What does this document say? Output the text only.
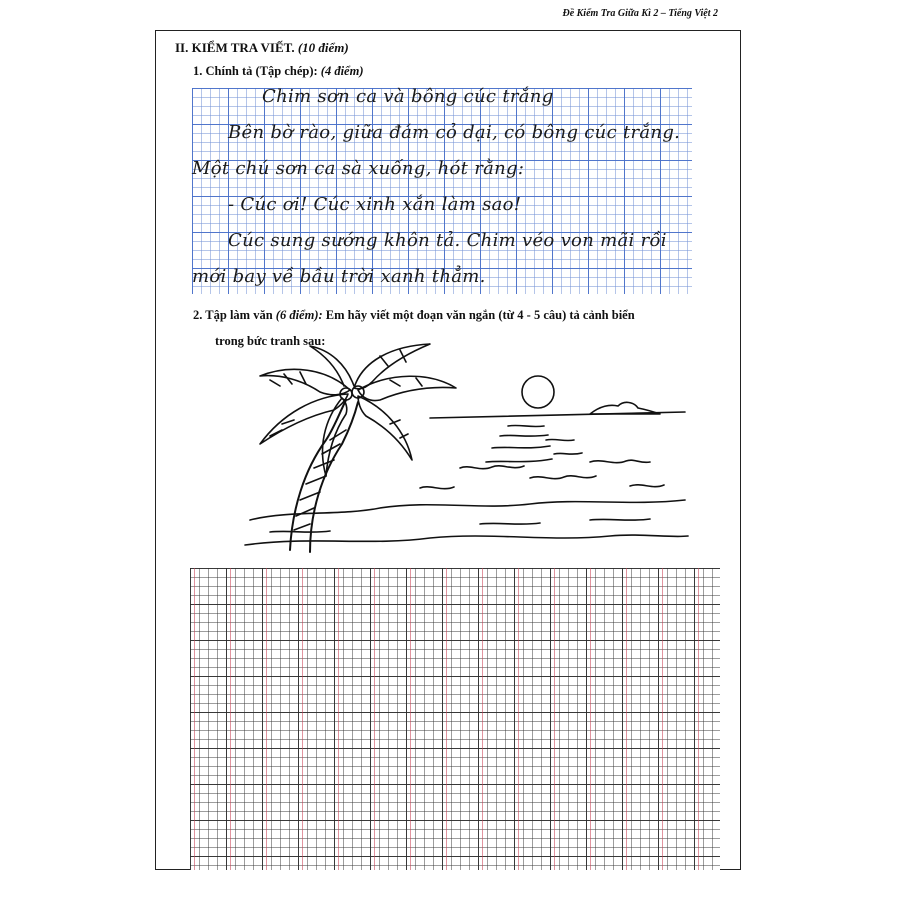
Đề Kiểm Tra Giữa Kì 2 – Tiếng Việt 2
II. KIỂM TRA VIẾT. (10 điểm)
1. Chính tả (Tập chép): (4 điểm)
Chim sơn ca và bông cúc trắng
Bên bờ rào, giữa đám cỏ dại, có bông cúc trắng.
Một chú sơn ca sà xuống, hót rằng:
- Cúc ơi! Cúc xinh xắn làm sao!
Cúc sung sướng khôn tả. Chim véo von mãi rồi
mới bay về bầu trời xanh thẳm.
2. Tập làm văn (6 điểm): Em hãy viết một đoạn văn ngắn (từ 4 - 5 câu) tả cảnh biển
trong bức tranh sau:
